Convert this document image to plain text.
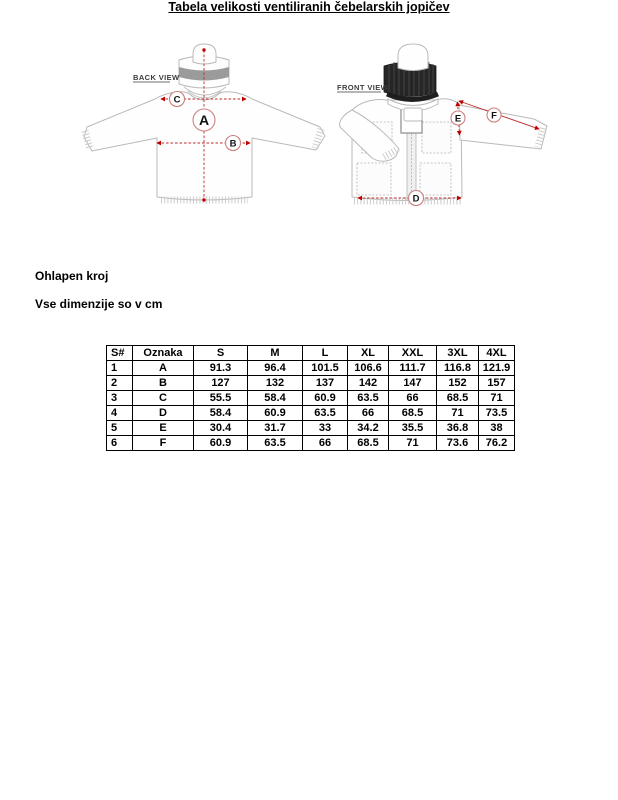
BACK VIEW
C
A
B
FRONT VIEW
D
E	F
Tabela velikosti ventiliranih čebelarskih jopičev
Ohlapen kroj
Vse dimenzije so v cm
S#	Oznaka	S	M	L	XL	XXL	3XL	4XL
1	A	91.3	96.4	101.5	106.6	111.7	116.8	121.9
2	B	127	132	137	142	147	152	157
3	C	55.5	58.4	60.9	63.5	66	68.5	71
4	D	58.4	60.9	63.5	66	68.5	71	73.5
5	E	30.4	31.7	33	34.2	35.5	36.8	38
6	F	60.9	63.5	66	68.5	71	73.6	76.2
